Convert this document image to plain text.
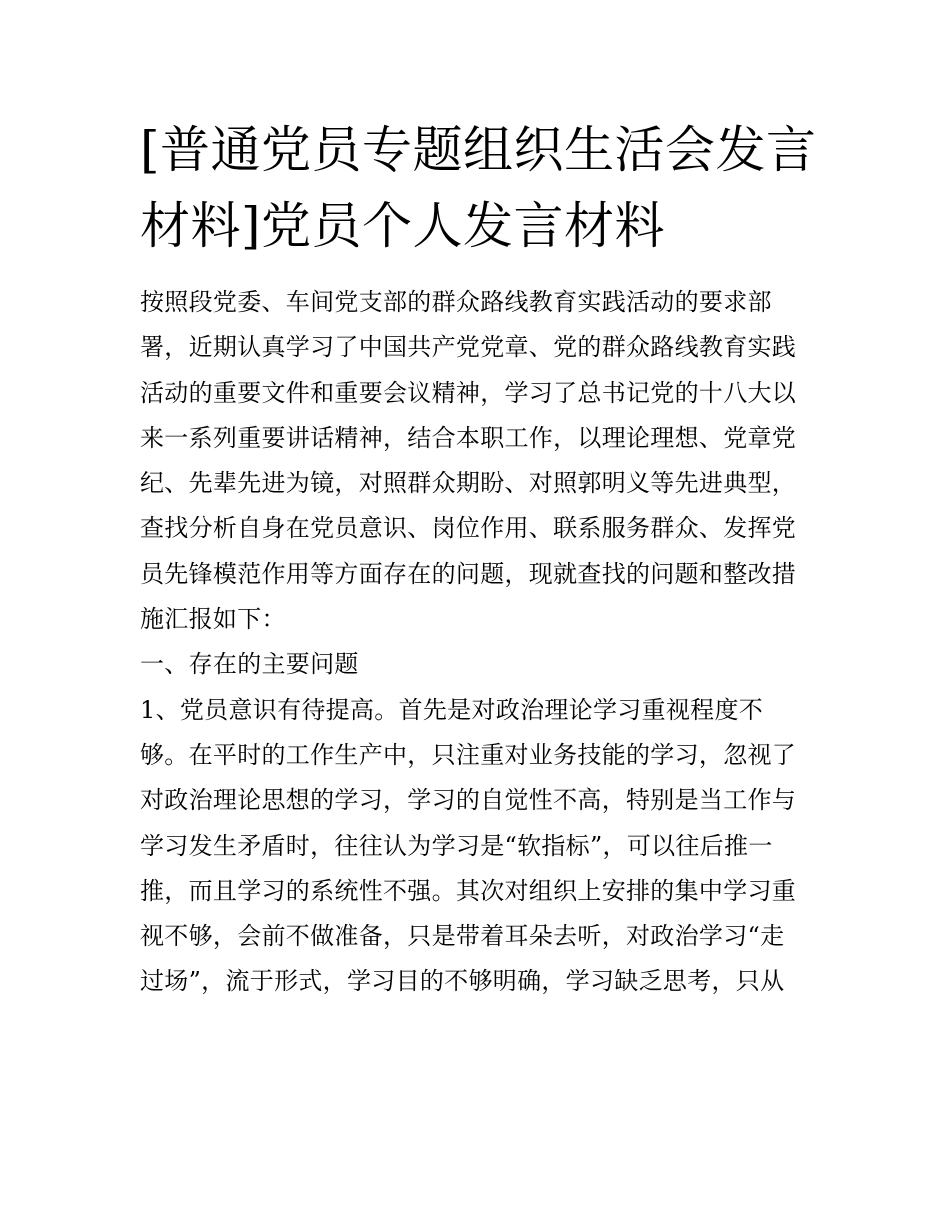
[普通党员专题组织生活会发言
材料]党员个人发言材料
按照段党委、车间党支部的群众路线教育实践活动的要求部
署，近期认真学习了中国共产党党章、党的群众路线教育实践
活动的重要文件和重要会议精神，学习了总书记党的十八大以
来一系列重要讲话精神，结合本职工作，以理论理想、党章党
纪、先辈先进为镜，对照群众期盼、对照郭明义等先进典型，
查找分析自身在党员意识、岗位作用、联系服务群众、发挥党
员先锋模范作用等方面存在的问题，现就查找的问题和整改措
施汇报如下：
一、存在的主要问题
1、党员意识有待提高。首先是对政治理论学习重视程度不
够。在平时的工作生产中，只注重对业务技能的学习，忽视了
对政治理论思想的学习，学习的自觉性不高，特别是当工作与
学习发生矛盾时，往往认为学习是“软指标”，可以往后推一
推，而且学习的系统性不强。其次对组织上安排的集中学习重
视不够，会前不做准备，只是带着耳朵去听，对政治学习“走
过场”，流于形式，学习目的不够明确，学习缺乏思考，只从
